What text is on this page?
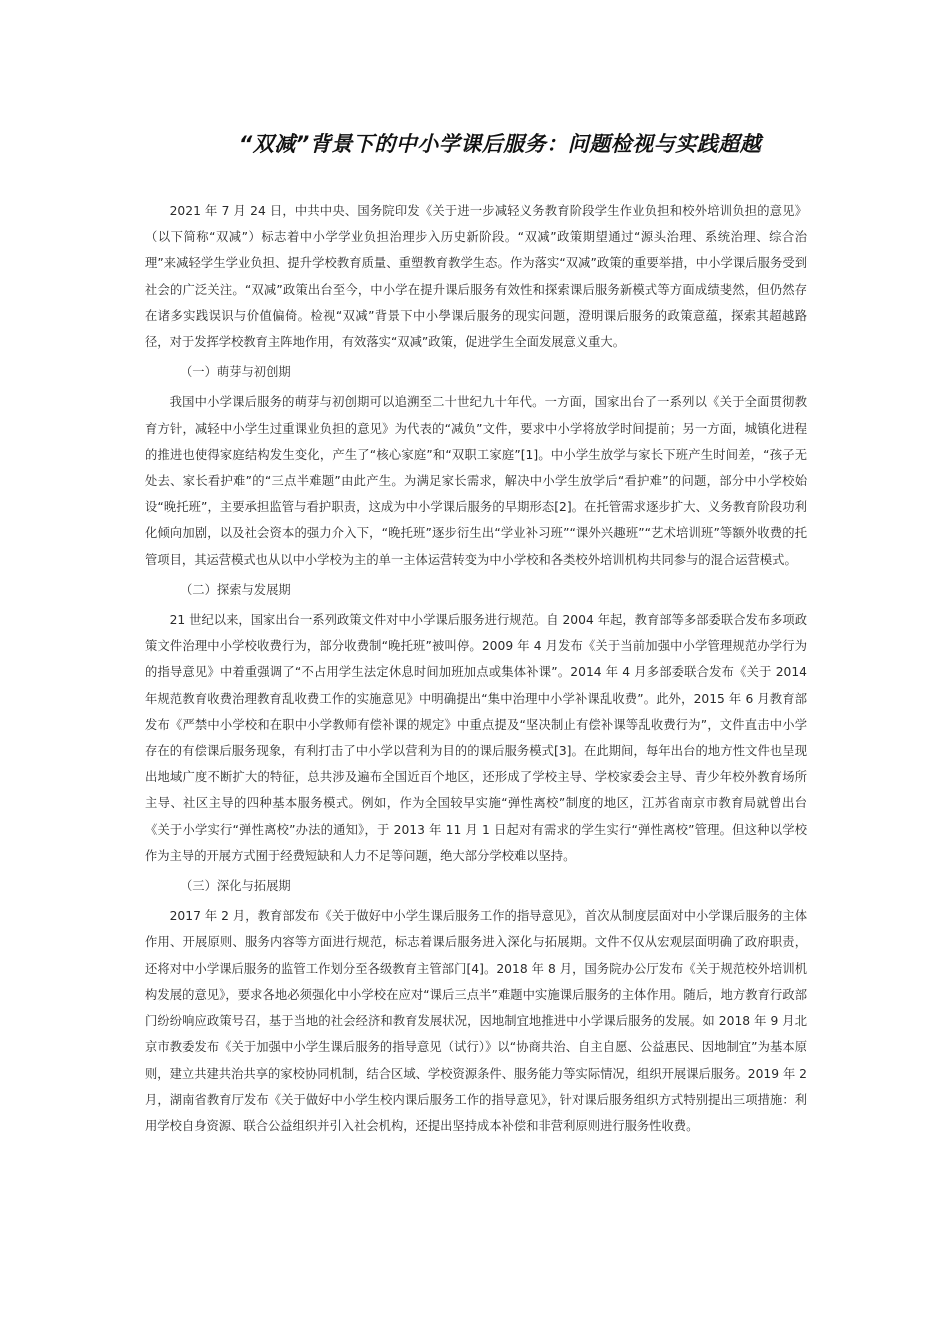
“双减”背景下的中小学课后服务：问题检视与实践超越

2021 年 7 月 24 日，中共中央、国务院印发《关于进一步减轻义务教育阶段学生作业负担和校外培训负担的意见》（以下简称“双减”）标志着中小学学业负担治理步入历史新阶段。“双减”政策期望通过“源头治理、系统治理、综合治理”来减轻学生学业负担、提升学校教育质量、重塑教育教学生态。作为落实“双减”政策的重要举措，中小学课后服务受到社会的广泛关注。“双减”政策出台至今，中小学在提升课后服务有效性和探索课后服务新模式等方面成绩斐然，但仍然存在诸多实践误识与价值偏倚。检视“双减”背景下中小學课后服务的现实问题，澄明课后服务的政策意蕴，探索其超越路径，对于发挥学校教育主阵地作用，有效落实“双减”政策，促进学生全面发展意义重大。

（一）萌芽与初创期

我国中小学课后服务的萌芽与初创期可以追溯至二十世纪九十年代。一方面，国家出台了一系列以《关于全面贯彻教育方针，减轻中小学生过重课业负担的意见》为代表的“减负”文件，要求中小学将放学时间提前；另一方面，城镇化进程的推进也使得家庭结构发生变化，产生了“核心家庭”和“双职工家庭”[1]。中小学生放学与家长下班产生时间差，“孩子无处去、家长看护难”的“三点半难题”由此产生。为满足家长需求，解决中小学生放学后“看护难”的问题，部分中小学校始设“晚托班”，主要承担监管与看护职责，这成为中小学课后服务的早期形态[2]。在托管需求逐步扩大、义务教育阶段功利化倾向加剧，以及社会资本的强力介入下，“晚托班”逐步衍生出“学业补习班”“课外兴趣班”“艺术培训班”等额外收费的托管项目，其运营模式也从以中小学校为主的单一主体运营转变为中小学校和各类校外培训机构共同参与的混合运营模式。

（二）探索与发展期

21 世纪以来，国家出台一系列政策文件对中小学课后服务进行规范。自 2004 年起，教育部等多部委联合发布多项政策文件治理中小学校收费行为，部分收费制“晚托班”被叫停。2009 年 4 月发布《关于当前加强中小学管理规范办学行为的指导意见》中着重强调了“不占用学生法定休息时间加班加点或集体补课”。2014 年 4 月多部委联合发布《关于 2014 年规范教育收费治理教育乱收费工作的实施意见》中明确提出“集中治理中小学补课乱收费”。此外，2015 年 6 月教育部发布《严禁中小学校和在职中小学教师有偿补课的规定》中重点提及“坚决制止有偿补课等乱收费行为”，文件直击中小学存在的有偿课后服务现象，有利打击了中小学以营利为目的的课后服务模式[3]。在此期间，每年出台的地方性文件也呈现出地域广度不断扩大的特征，总共涉及遍布全国近百个地区，还形成了学校主导、学校家委会主导、青少年校外教育场所主导、社区主导的四种基本服务模式。例如，作为全国较早实施“弹性离校”制度的地区，江苏省南京市教育局就曾出台《关于小学实行“弹性离校”办法的通知》，于 2013 年 11 月 1 日起对有需求的学生实行“弹性离校”管理。但这种以学校作为主导的开展方式囿于经费短缺和人力不足等问题，绝大部分学校难以坚持。

（三）深化与拓展期

2017 年 2 月，教育部发布《关于做好中小学生课后服务工作的指导意见》，首次从制度层面对中小学课后服务的主体作用、开展原则、服务内容等方面进行规范，标志着课后服务进入深化与拓展期。文件不仅从宏观层面明确了政府职责，还将对中小学课后服务的监管工作划分至各级教育主管部门[4]。2018 年 8 月，国务院办公厅发布《关于规范校外培训机构发展的意见》，要求各地必须强化中小学校在应对“课后三点半”难题中实施课后服务的主体作用。随后，地方教育行政部门纷纷响应政策号召，基于当地的社会经济和教育发展状况，因地制宜地推进中小学课后服务的发展。如 2018 年 9 月北京市教委发布《关于加强中小学生课后服务的指导意见（试行）》以“协商共治、自主自愿、公益惠民、因地制宜”为基本原则，建立共建共治共享的家校协同机制，结合区域、学校资源条件、服务能力等实际情况，组织开展课后服务。2019 年 2 月，湖南省教育厅发布《关于做好中小学生校内课后服务工作的指导意见》，针对课后服务组织方式特别提出三项措施：利用学校自身资源、联合公益组织并引入社会机构，还提出坚持成本补偿和非营利原则进行服务性收费。
